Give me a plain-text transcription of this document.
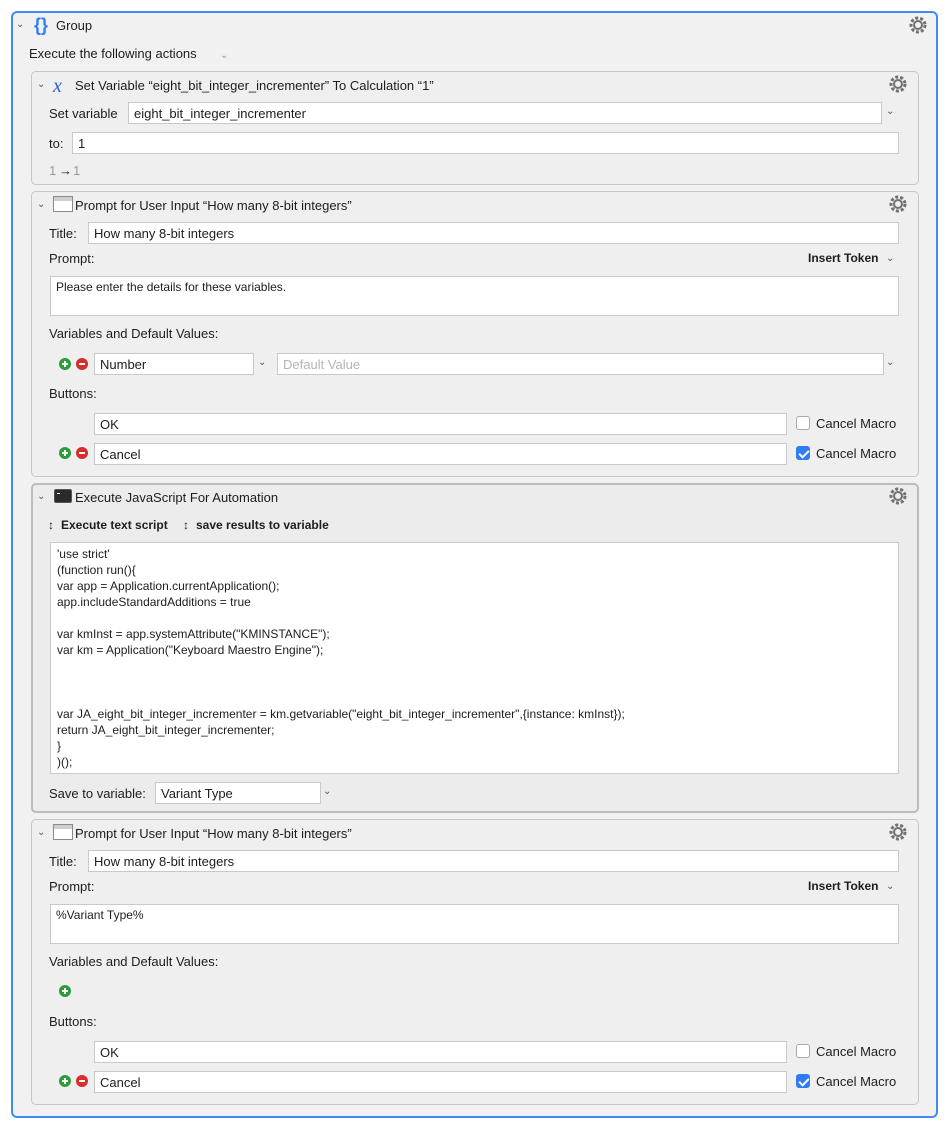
⌄ {} Group
Execute the following actions ⌄
⌄ x Set Variable “eight_bit_integer_incrementer” To Calculation “1”
Set variable	eight_bit_integer_incrementer	⌄
to:	1
1 → 1
⌄ Prompt for User Input “How many 8-bit integers”
Title:	How many 8-bit integers
Prompt:	Insert Token ⌄
Please enter the details for these variables.
Variables and Default Values:
Number	⌄	Default Value	⌄
Buttons:
OK	Cancel Macro
Cancel	Cancel Macro
⌄ Execute JavaScript For Automation
↕ Execute text script ↕ save results to variable
'use strict'
(function run(){
var app = Application.currentApplication();
app.includeStandardAdditions = true

var kmInst = app.systemAttribute("KMINSTANCE");
var km = Application("Keyboard Maestro Engine");

var JA_eight_bit_integer_incrementer = km.getvariable("eight_bit_integer_incrementer",{instance: kmInst});
return JA_eight_bit_integer_incrementer;
}
)();
Save to variable:	Variant Type	⌄
⌄ Prompt for User Input “How many 8-bit integers”
Title:	How many 8-bit integers
Prompt:	Insert Token ⌄
%Variant Type%
Variables and Default Values:
Buttons:
OK	Cancel Macro
Cancel	Cancel Macro
